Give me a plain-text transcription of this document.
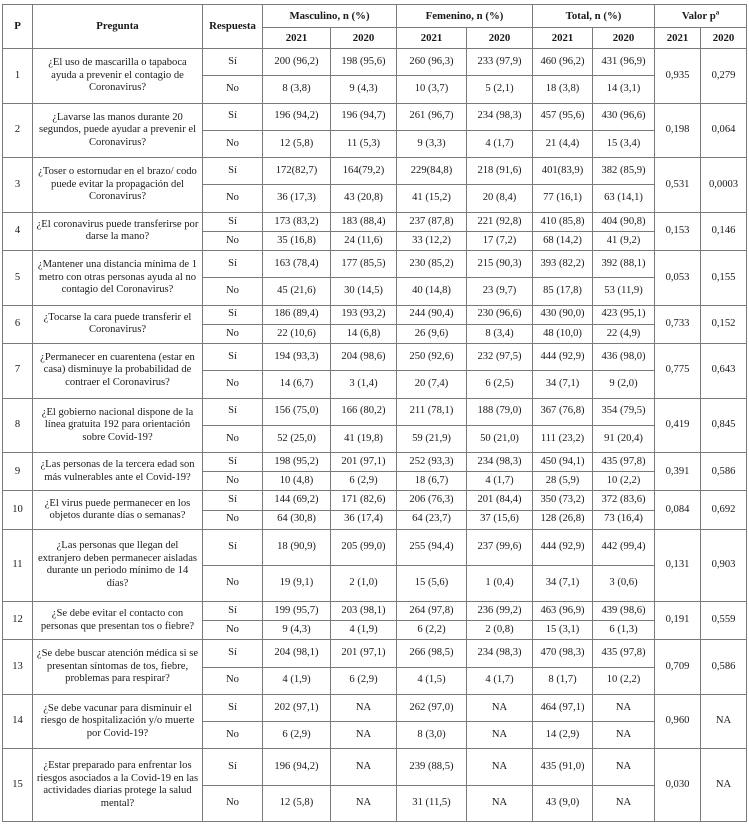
P	Pregunta	Respuesta	Masculino, n (%)		Femenino, n (%)		Total, n (%)		Valor $p^a$
			2021	2020	2021	2020	2021	2020	2021	2020
1	¿El uso de mascarilla o tapaboca ayuda a prevenir el contagio de Coronavirus?	Sí	200 (96,2)	198 (95,6)	260 (96,3)	233 (97,9)	460 (96,2)	431 (96,9)	0,935	0,279
		No	8 (3,8)	9 (4,3)	10 (3,7)	5 (2,1)	18 (3,8)	14 (3,1)		
2	¿Lavarse las manos durante 20 segundos, puede ayudar a prevenir el Coronavirus?	Sí	196 (94,2)	196 (94,7)	261 (96,7)	234 (98,3)	457 (95,6)	430 (96,6)	0,198	0,064
		No	12 (5,8)	11 (5,3)	9 (3,3)	4 (1,7)	21 (4,4)	15 (3,4)		
3	¿Toser o estornudar en el brazo/ codo puede evitar la propagación del Coronavirus?	Sí	172(82,7)	164(79,2)	229(84,8)	218 (91,6)	401(83,9)	382 (85,9)	0,531	0,0003
		No	36 (17,3)	43 (20,8)	41 (15,2)	20 (8,4)	77 (16,1)	63 (14,1)		
4	¿El coronavirus puede transferirse por darse la mano?	Sí	173 (83,2)	183 (88,4)	237 (87,8)	221 (92,8)	410 (85,8)	404 (90,8)	0,153	0,146
		No	35 (16,8)	24 (11,6)	33 (12,2)	17 (7,2)	68 (14,2)	41 (9,2)		
5	¿Mantener una distancia mínima de 1 metro con otras personas ayuda al no contagio del Coronavirus?	Sí	163 (78,4)	177 (85,5)	230 (85,2)	215 (90,3)	393 (82,2)	392 (88,1)	0,053	0,155
		No	45 (21,6)	30 (14,5)	40 (14,8)	23 (9,7)	85 (17,8)	53 (11,9)		
6	¿Tocarse la cara puede transferir el Coronavirus?	Sí	186 (89,4)	193 (93,2)	244 (90,4)	230 (96,6)	430 (90,0)	423 (95,1)	0,733	0,152
		No	22 (10,6)	14 (6,8)	26 (9,6)	8 (3,4)	48 (10,0)	22 (4,9)		
7	¿Permanecer en cuarentena (estar en casa) disminuye la probabilidad de contraer el Coronavirus?	Sí	194 (93,3)	204 (98,6)	250 (92,6)	232 (97,5)	444 (92,9)	436 (98,0)	0,775	0,643
		No	14 (6,7)	3 (1,4)	20 (7,4)	6 (2,5)	34 (7,1)	9 (2,0)		
8	¿El gobierno nacional dispone de la línea gratuita 192 para orientación sobre Covid-19?	Sí	156 (75,0)	166 (80,2)	211 (78,1)	188 (79,0)	367 (76,8)	354 (79,5)	0,419	0,845
		No	52 (25,0)	41 (19,8)	59 (21,9)	50 (21,0)	111 (23,2)	91 (20,4)		
9	¿Las personas de la tercera edad son más vulnerables ante el Covid-19?	Sí	198 (95,2)	201 (97,1)	252 (93,3)	234 (98,3)	450 (94,1)	435 (97,8)	0,391	0,586
		No	10 (4,8)	6 (2,9)	18 (6,7)	4 (1,7)	28 (5,9)	10 (2,2)		
10	¿El virus puede permanecer en los objetos durante días o semanas?	Sí	144 (69,2)	171 (82,6)	206 (76,3)	201 (84,4)	350 (73,2)	372 (83,6)	0,084	0,692
		No	64 (30,8)	36 (17,4)	64 (23,7)	37 (15,6)	128 (26,8)	73 (16,4)		
11	¿Las personas que llegan del extranjero deben permanecer aisladas durante un periodo mínimo de 14 días?	Sí	18 (90,9)	205 (99,0)	255 (94,4)	237 (99,6)	444 (92,9)	442 (99,4)	0,131	0,903
		No	19 (9,1)	2 (1,0)	15 (5,6)	1 (0,4)	34 (7,1)	3 (0,6)		
12	¿Se debe evitar el contacto con personas que presentan tos o fiebre?	Sí	199 (95,7)	203 (98,1)	264 (97,8)	236 (99,2)	463 (96,9)	439 (98,6)	0,191	0,559
		No	9 (4,3)	4 (1,9)	6 (2,2)	2 (0,8)	15 (3,1)	6 (1,3)		
13	¿Se debe buscar atención médica si se presentan síntomas de tos, fiebre, problemas para respirar?	Sí	204 (98,1)	201 (97,1)	266 (98,5)	234 (98,3)	470 (98,3)	435 (97,8)	0,709	0,586
		No	4 (1,9)	6 (2,9)	4 (1,5)	4 (1,7)	8 (1,7)	10 (2,2)		
14	¿Se debe vacunar para disminuir el riesgo de hospitalización y/o muerte por Covid-19?	Sí	202 (97,1)	NA	262 (97,0)	NA	464 (97,1)	NA	0,960	NA
		No	6 (2,9)	NA	8 (3,0)	NA	14 (2,9)	NA		
15	¿Estar preparado para enfrentar los riesgos asociados a la Covid-19 en las actividades diarias protege la salud mental?	Sí	196 (94,2)	NA	239 (88,5)	NA	435 (91,0)	NA	0,030	NA
		No	12 (5,8)	NA	31 (11,5)	NA	43 (9,0)	NA		
